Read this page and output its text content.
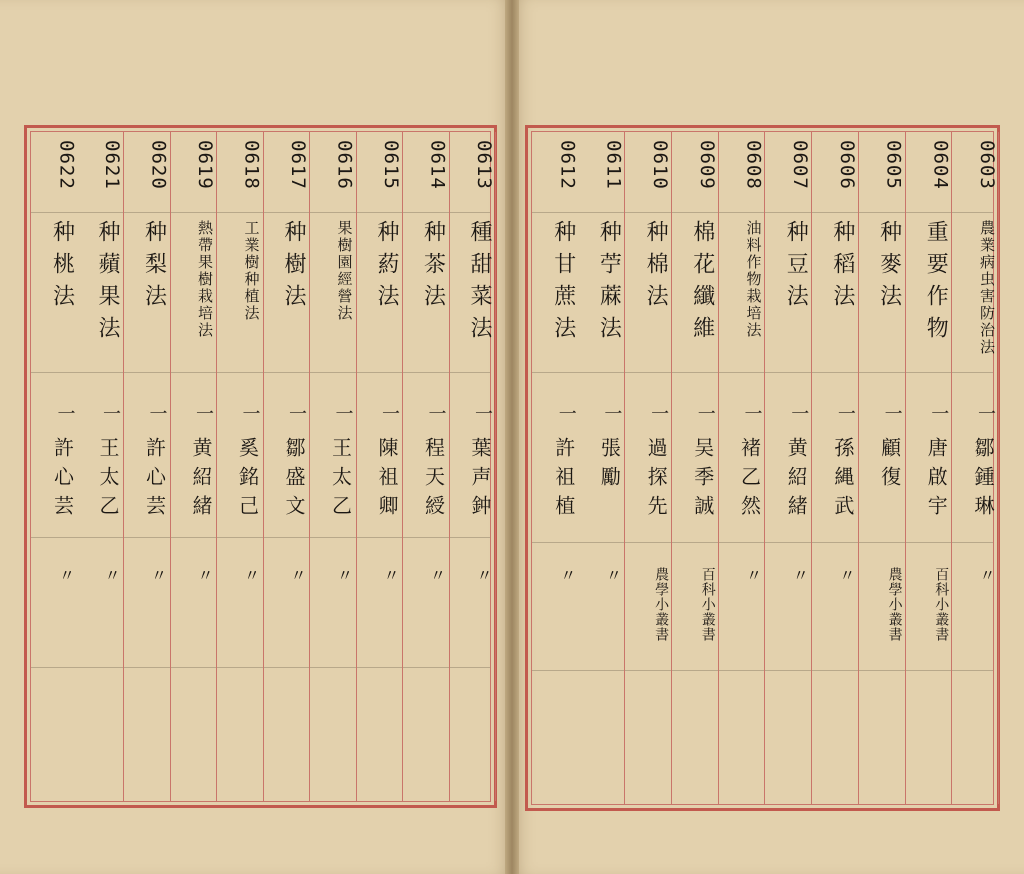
0613
種甜菜法
一
葉声鈡
〃
0614
种茶法
一
程天綬
〃
0615
种葯法
一
陳祖卿
〃
0616
果樹園經營法
一
王太乙
〃
0617
种樹法
一
鄒盛文
〃
0618
工業樹种植法
一
奚銘己
〃
0619
熱帶果樹栽培法
一
黄紹緒
〃
0620
种梨法
一
許心芸
〃
0621
种蘋果法
一
王太乙
〃
0622
种桃法
一
許心芸
〃
0603
農業病虫害防治法
一
鄒鍾琳
〃
0604
重要作物
一
唐啟宇
百科小叢書
0605
种麥法
一
顧復
農學小叢書
0606
种稻法
一
孫縄武
〃
0607
种豆法
一
黄紹緒
〃
0608
油料作物栽培法
一
褚乙然
〃
0609
棉花纖維
一
吴季誠
百科小叢書
0610
种棉法
一
過探先
農學小叢書
0611
种苧蔴法
一
張勵
〃
0612
种甘蔗法
一
許祖植
〃
